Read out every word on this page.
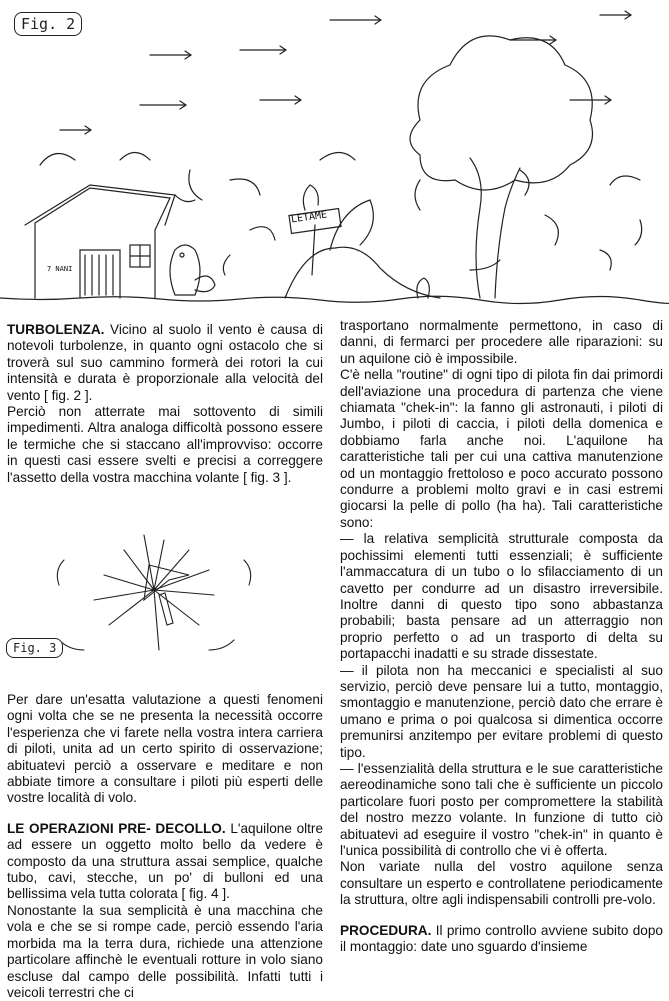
Fig. 2
LETAME
7 NANI

TURBOLENZA. Vicino al suolo il vento è causa di notevoli turbolenze, in quanto ogni ostacolo che si troverà sul suo cammino formerà dei rotori la cui intensità e durata è proporzionale alla velocità del vento [ fig. 2 ].

Perciò non atterrate mai sottovento di simili impedimenti. Altra analoga difficoltà possono essere le termiche che si staccano all'improvviso: occorre in questi casi essere svelti e precisi a correggere l'assetto della vostra macchina volante [ fig. 3 ].

Fig. 3

Per dare un'esatta valutazione a questi fenomeni ogni volta che se ne presenta la necessità occorre l'esperienza che vi farete nella vostra intera carriera di piloti, unita ad un certo spirito di osservazione; abituatevi perciò a osservare e meditare e non abbiate timore a consultare i piloti più esperti delle vostre località di volo.

LE OPERAZIONI PRE- DECOLLO. L'aquilone oltre ad essere un oggetto molto bello da vedere è composto da una struttura assai semplice, qualche tubo, cavi, stecche, un po' di bulloni ed una bellissima vela tutta colorata [ fig. 4 ].

Nonostante la sua semplicità è una macchina che vola e che se si rompe cade, perciò essendo l'aria morbida ma la terra dura, richiede una attenzione particolare affinchè le eventuali rotture in volo siano escluse dal campo delle possibilità. Infatti tutti i veicoli terrestri che ci

trasportano normalmente permettono, in caso di danni, di fermarci per procedere alle riparazioni: su un aquilone ciò è impossibile.

C'è nella "routine" di ogni tipo di pilota fin dai primordi dell'aviazione una procedura di partenza che viene chiamata "chek-in": la fanno gli astronauti, i piloti di Jumbo, i piloti di caccia, i piloti della domenica e dobbiamo farla anche noi. L'aquilone ha caratteristiche tali per cui una cattiva manutenzione od un montaggio frettoloso e poco accurato possono condurre a problemi molto gravi e in casi estremi giocarsi la pelle di pollo (ha ha). Tali caratteristiche sono:

— la relativa semplicità strutturale composta da pochissimi elementi tutti essenziali; è sufficiente l'ammaccatura di un tubo o lo sfilacciamento di un cavetto per condurre ad un disastro irreversibile. Inoltre danni di questo tipo sono abbastanza probabili; basta pensare ad un atterraggio non proprio perfetto o ad un trasporto di delta su portapacchi inadatti e su strade dissestate.

— il pilota non ha meccanici e specialisti al suo servizio, perciò deve pensare lui a tutto, montaggio, smontaggio e manutenzione, perciò dato che errare è umano e prima o poi qualcosa si dimentica occorre premunirsi anzitempo per evitare problemi di questo tipo.

— l'essenzialità della struttura e le sue caratteristiche aereodinamiche sono tali che è sufficiente un piccolo particolare fuori posto per compromettere la stabilità del nostro mezzo volante. In funzione di tutto ciò abituatevi ad eseguire il vostro "chek-in" in quanto è l'unica possibilità di controllo che vi è offerta.

Non variate nulla del vostro aquilone senza consultare un esperto e controllatene periodicamente la struttura, oltre agli indispensabili controlli pre-volo.

PROCEDURA. Il primo controllo avviene subito dopo il montaggio: date uno sguardo d'insieme
